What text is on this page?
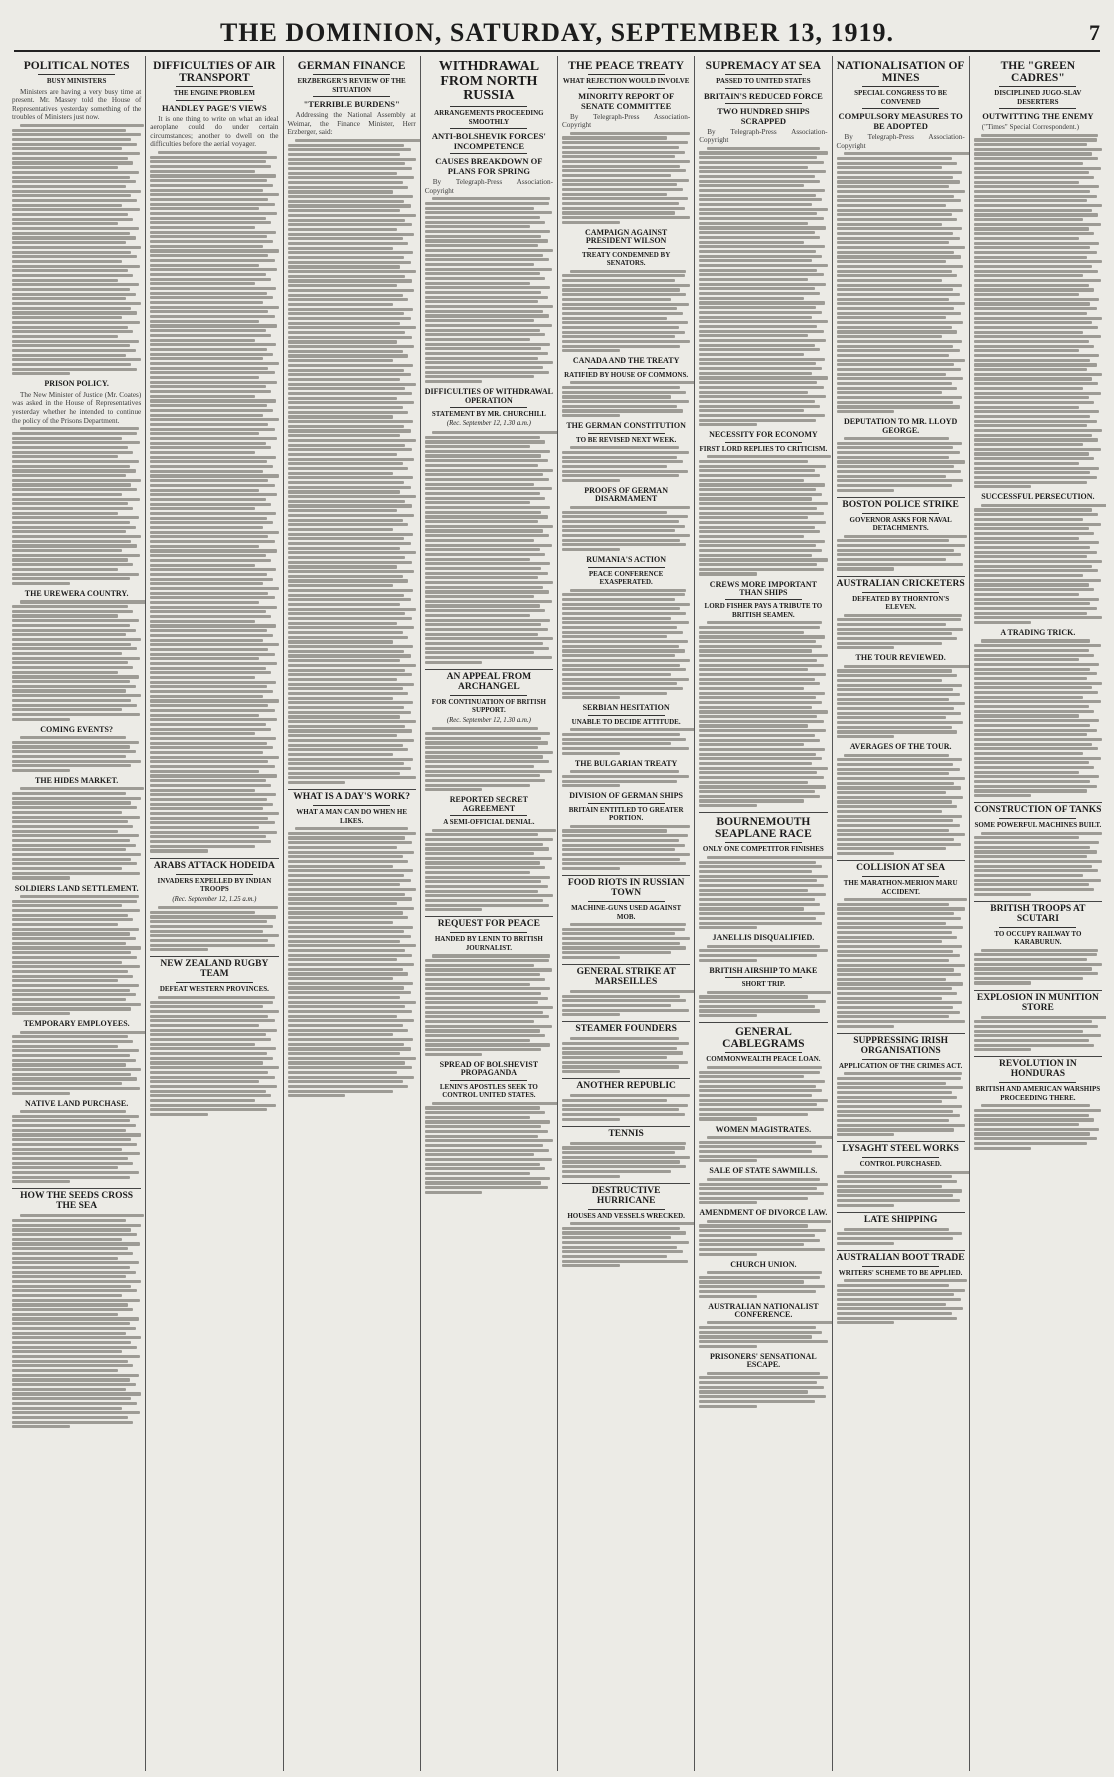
THE DOMINION, SATURDAY, SEPTEMBER 13, 1919.	7
POLITICAL NOTES
BUSY MINISTERS

Ministers are having a very busy time at present. Mr. Massey told the House of Representatives yesterday something of the troubles of Ministers just now.

PRISON POLICY.

The New Minister of Justice (Mr. Coates) was asked in the House of Representatives yesterday whether he intended to continue the policy of the Prisons Department.

THE UREWERA COUNTRY.
COMING EVENTS?
THE HIDES MARKET.
SOLDIERS LAND SETTLEMENT.
TEMPORARY EMPLOYEES.
NATIVE LAND PURCHASE.
HOW THE SEEDS CROSS THE SEA
DIFFICULTIES OF AIR TRANSPORT
THE ENGINE PROBLEM
HANDLEY PAGE'S VIEWS

It is one thing to write on what an ideal aeroplane could do under certain circumstances; another to dwell on the difficulties before the aerial voyager.

ARABS ATTACK HODEIDA
INVADERS EXPELLED BY INDIAN TROOPS
(Rec. September 12, 1.25 a.m.)
NEW ZEALAND RUGBY TEAM
DEFEAT WESTERN PROVINCES.
GERMAN FINANCE
ERZBERGER'S REVIEW OF THE SITUATION
"TERRIBLE BURDENS"

Addressing the National Assembly at Weimar, the Finance Minister, Herr Erzberger, said:

WHAT IS A DAY'S WORK?
WHAT A MAN CAN DO WHEN HE LIKES.
WITHDRAWAL FROM NORTH RUSSIA
ARRANGEMENTS PROCEEDING SMOOTHLY
ANTI-BOLSHEVIK FORCES' INCOMPETENCE
CAUSES BREAKDOWN OF PLANS FOR SPRING

By Telegraph-Press Association-Copyright

DIFFICULTIES OF WITHDRAWAL OPERATION
STATEMENT BY MR. CHURCHILL
(Rec. September 12, 1.30 a.m.)
AN APPEAL FROM ARCHANGEL
FOR CONTINUATION OF BRITISH SUPPORT.
(Rec. September 12, 1.30 a.m.)
REPORTED SECRET AGREEMENT
A SEMI-OFFICIAL DENIAL.
REQUEST FOR PEACE
HANDED BY LENIN TO BRITISH JOURNALIST.
SPREAD OF BOLSHEVIST PROPAGANDA
LENIN'S APOSTLES SEEK TO CONTROL UNITED STATES.
THE PEACE TREATY
WHAT REJECTION WOULD INVOLVE
MINORITY REPORT OF SENATE COMMITTEE

By Telegraph-Press Association-Copyright

CAMPAIGN AGAINST PRESIDENT WILSON
TREATY CONDEMNED BY SENATORS.
CANADA AND THE TREATY
RATIFIED BY HOUSE OF COMMONS.
THE GERMAN CONSTITUTION
TO BE REVISED NEXT WEEK.
PROOFS OF GERMAN DISARMAMENT
RUMANIA'S ACTION
PEACE CONFERENCE EXASPERATED.
SERBIAN HESITATION
UNABLE TO DECIDE ATTITUDE.
THE BULGARIAN TREATY
DIVISION OF GERMAN SHIPS
BRITAIN ENTITLED TO GREATER PORTION.
FOOD RIOTS IN RUSSIAN TOWN
MACHINE-GUNS USED AGAINST MOB.
GENERAL STRIKE AT MARSEILLES
STEAMER FOUNDERS
ANOTHER REPUBLIC
TENNIS
DESTRUCTIVE HURRICANE
HOUSES AND VESSELS WRECKED.
SUPREMACY AT SEA
PASSED TO UNITED STATES
BRITAIN'S REDUCED FORCE
TWO HUNDRED SHIPS SCRAPPED

By Telegraph-Press Association-Copyright

NECESSITY FOR ECONOMY
FIRST LORD REPLIES TO CRITICISM.
CREWS MORE IMPORTANT THAN SHIPS
LORD FISHER PAYS A TRIBUTE TO BRITISH SEAMEN.
BOURNEMOUTH SEAPLANE RACE
ONLY ONE COMPETITOR FINISHES
JANELLIS DISQUALIFIED.
BRITISH AIRSHIP TO MAKE
SHORT TRIP.
GENERAL CABLEGRAMS
COMMONWEALTH PEACE LOAN.
WOMEN MAGISTRATES.
SALE OF STATE SAWMILLS.
AMENDMENT OF DIVORCE LAW.
CHURCH UNION.
AUSTRALIAN NATIONALIST CONFERENCE.
PRISONERS' SENSATIONAL ESCAPE.
NATIONALISATION OF MINES
SPECIAL CONGRESS TO BE CONVENED
COMPULSORY MEASURES TO BE ADOPTED

By Telegraph-Press Association-Copyright

DEPUTATION TO MR. LLOYD GEORGE.
BOSTON POLICE STRIKE
GOVERNOR ASKS FOR NAVAL DETACHMENTS.
AUSTRALIAN CRICKETERS
DEFEATED BY THORNTON'S ELEVEN.
THE TOUR REVIEWED.
AVERAGES OF THE TOUR.
COLLISION AT SEA
THE MARATHON-MERION MARU ACCIDENT.
SUPPRESSING IRISH ORGANISATIONS
APPLICATION OF THE CRIMES ACT.
LYSAGHT STEEL WORKS
CONTROL PURCHASED.
LATE SHIPPING
AUSTRALIAN BOOT TRADE
WRITERS' SCHEME TO BE APPLIED.
THE "GREEN CADRES"
DISCIPLINED JUGO-SLAV DESERTERS
OUTWITTING THE ENEMY

("Times" Special Correspondent.)

SUCCESSFUL PERSECUTION.
A TRADING TRICK.
CONSTRUCTION OF TANKS
SOME POWERFUL MACHINES BUILT.
BRITISH TROOPS AT SCUTARI
TO OCCUPY RAILWAY TO KARABURUN.
EXPLOSION IN MUNITION STORE
REVOLUTION IN HONDURAS
BRITISH AND AMERICAN WARSHIPS PROCEEDING THERE.
